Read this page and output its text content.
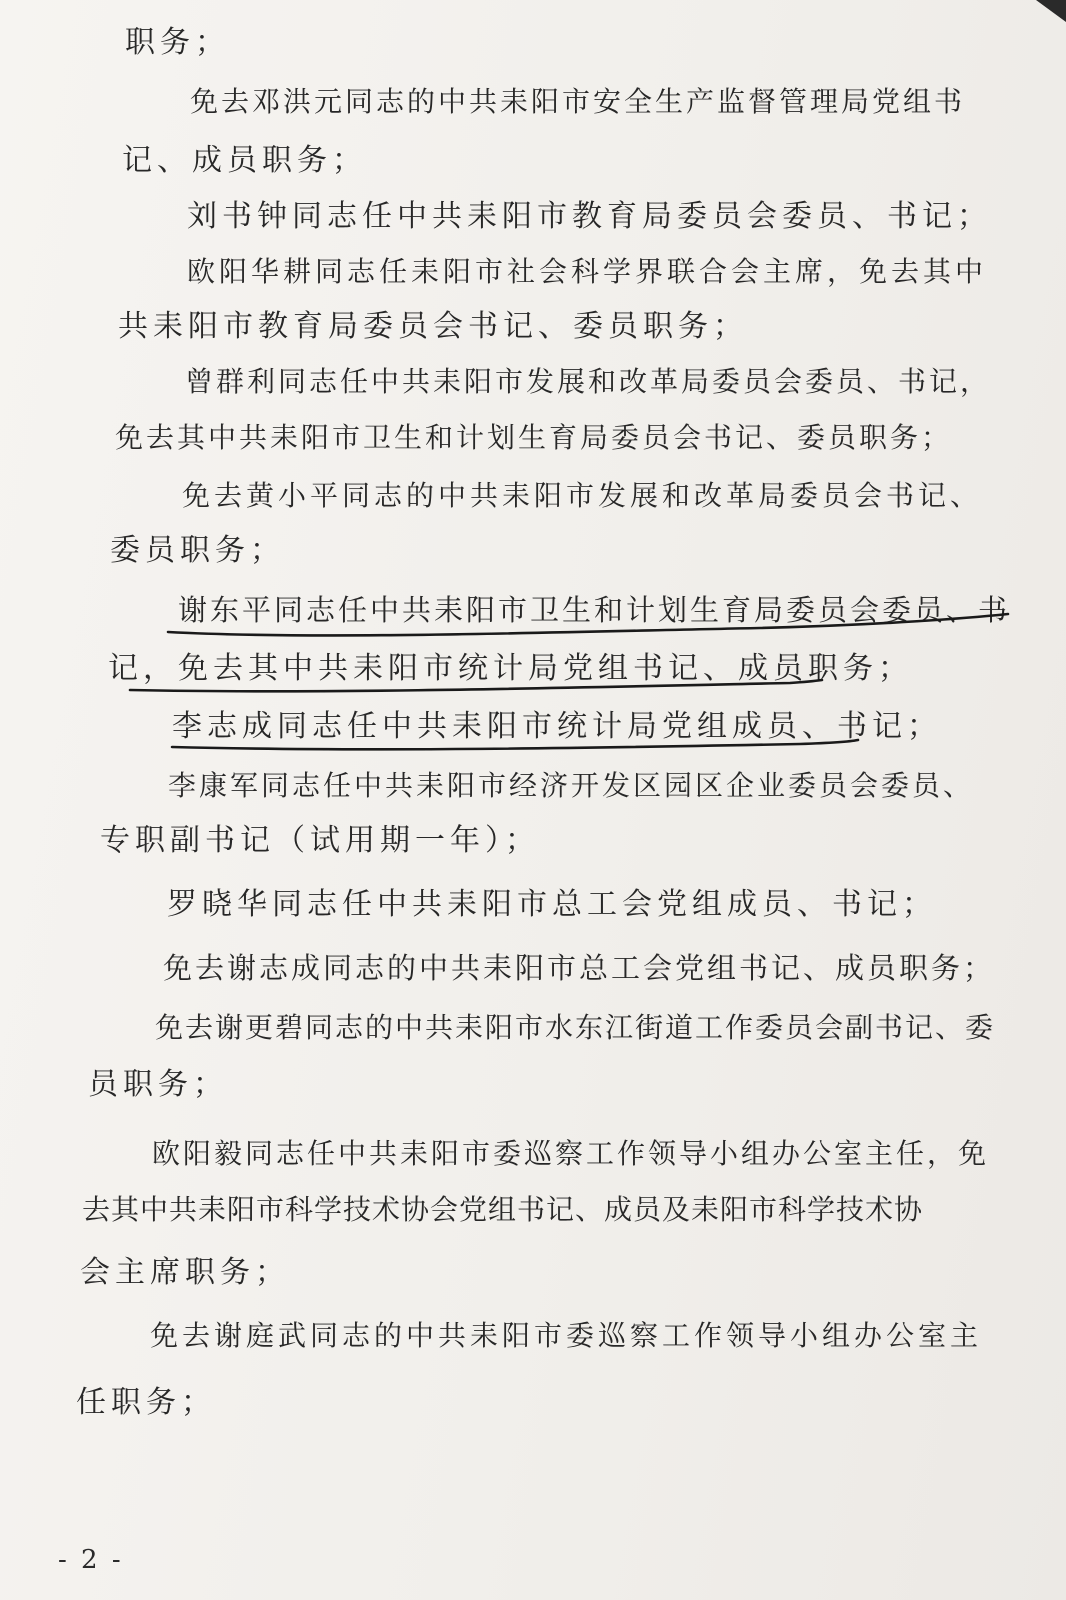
职务；
免去邓洪元同志的中共耒阳市安全生产监督管理局党组书
记、成员职务；
刘书钟同志任中共耒阳市教育局委员会委员、书记；
欧阳华耕同志任耒阳市社会科学界联合会主席，免去其中
共耒阳市教育局委员会书记、委员职务；
曾群利同志任中共耒阳市发展和改革局委员会委员、书记，
免去其中共耒阳市卫生和计划生育局委员会书记、委员职务；
免去黄小平同志的中共耒阳市发展和改革局委员会书记、
委员职务；
谢东平同志任中共耒阳市卫生和计划生育局委员会委员、书
记，免去其中共耒阳市统计局党组书记、成员职务；
李志成同志任中共耒阳市统计局党组成员、书记；
李康军同志任中共耒阳市经济开发区园区企业委员会委员、
专职副书记（试用期一年）；
罗晓华同志任中共耒阳市总工会党组成员、书记；
免去谢志成同志的中共耒阳市总工会党组书记、成员职务；
免去谢更碧同志的中共耒阳市水东江街道工作委员会副书记、委
员职务；
欧阳毅同志任中共耒阳市委巡察工作领导小组办公室主任，免
去其中共耒阳市科学技术协会党组书记、成员及耒阳市科学技术协
会主席职务；
免去谢庭武同志的中共耒阳市委巡察工作领导小组办公室主
任职务；
- 2 -
